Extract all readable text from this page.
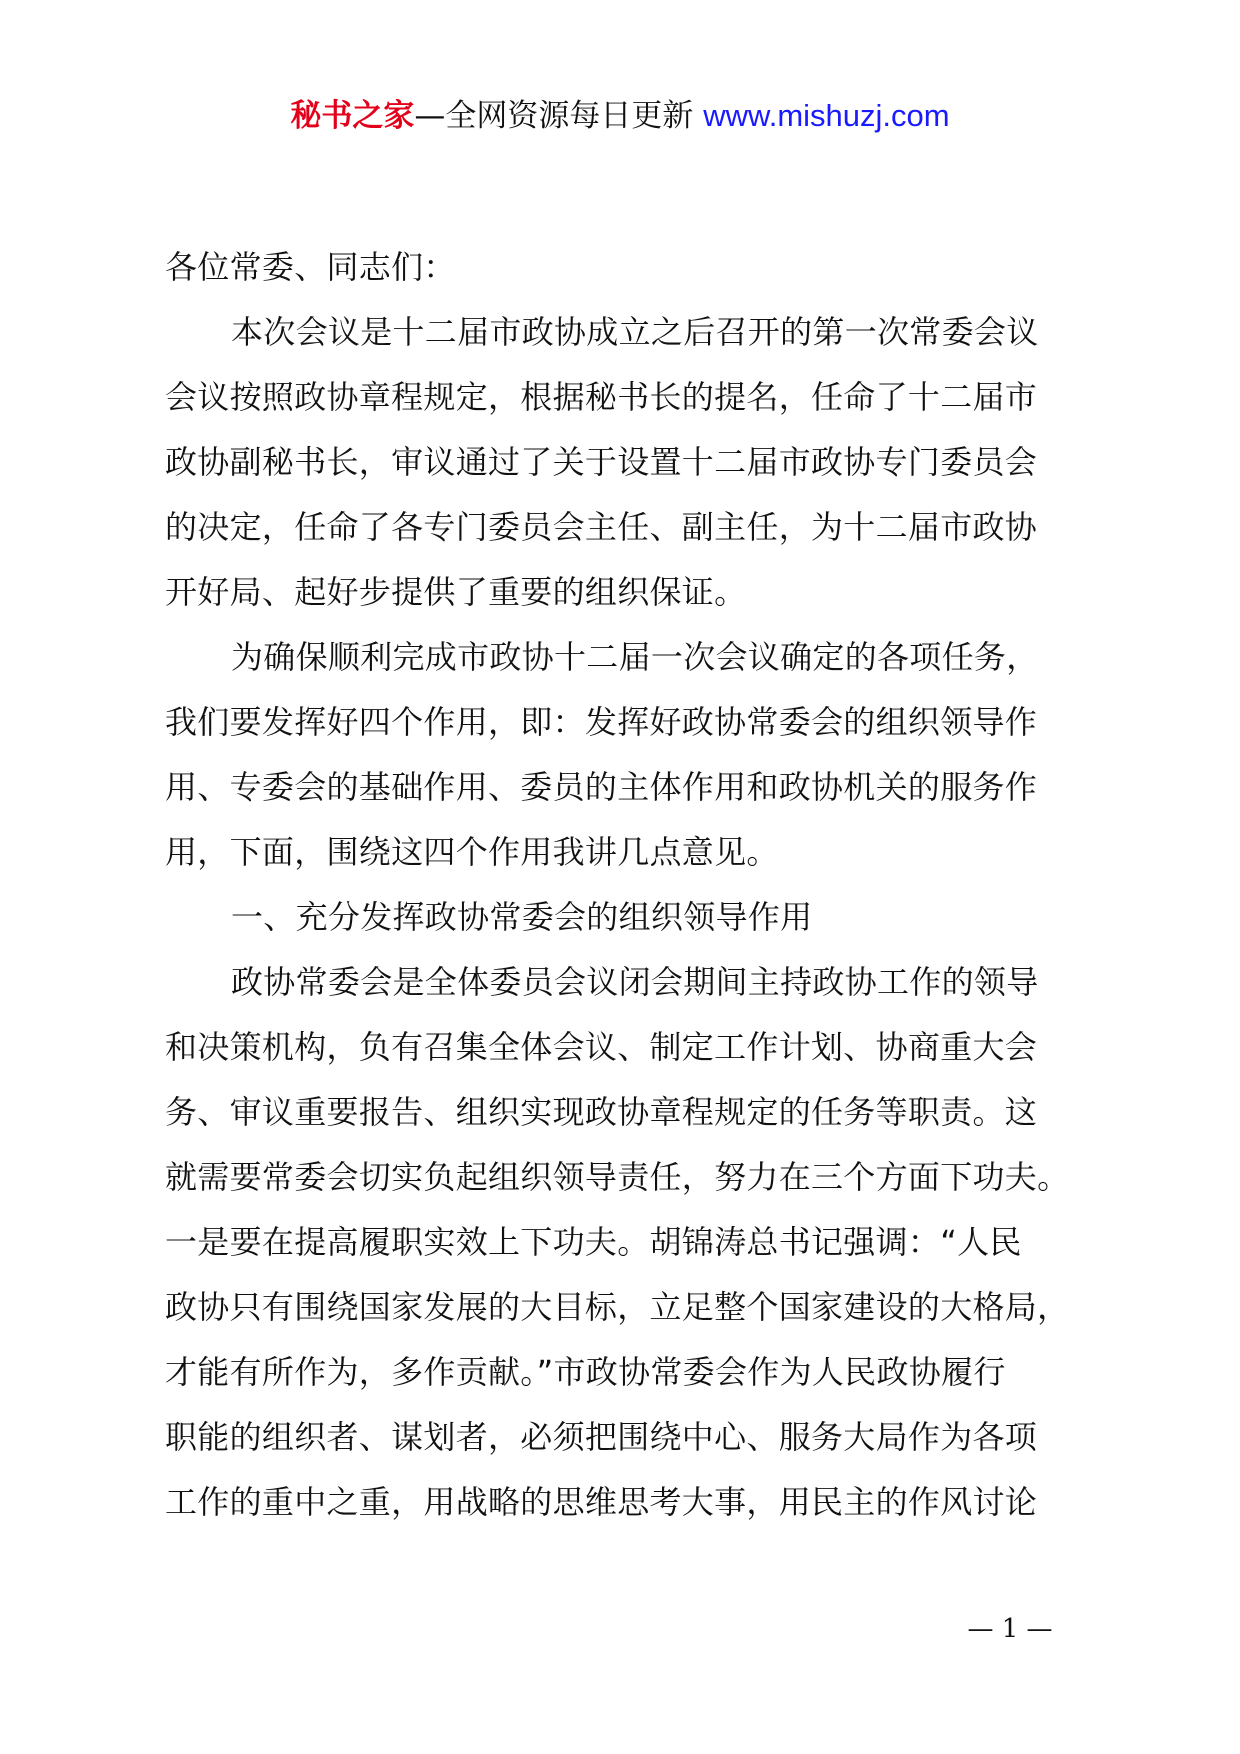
秘书之家—全网资源每日更新 www.mishuzj.com
各位常委、同志们：
本次会议是十二届市政协成立之后召开的第一次常委会议
会议按照政协章程规定，根据秘书长的提名，任命了十二届市
政协副秘书长，审议通过了关于设置十二届市政协专门委员会
的决定，任命了各专门委员会主任、副主任，为十二届市政协
开好局、起好步提供了重要的组织保证。
为确保顺利完成市政协十二届一次会议确定的各项任务，
我们要发挥好四个作用，即：发挥好政协常委会的组织领导作
用、专委会的基础作用、委员的主体作用和政协机关的服务作
用，下面，围绕这四个作用我讲几点意见。
一、充分发挥政协常委会的组织领导作用
政协常委会是全体委员会议闭会期间主持政协工作的领导
和决策机构，负有召集全体会议、制定工作计划、协商重大会
务、审议重要报告、组织实现政协章程规定的任务等职责。这
就需要常委会切实负起组织领导责任，努力在三个方面下功夫。
一是要在提高履职实效上下功夫。胡锦涛总书记强调：“人民
政协只有围绕国家发展的大目标，立足整个国家建设的大格局，
才能有所作为，多作贡献。”市政协常委会作为人民政协履行
职能的组织者、谋划者，必须把围绕中心、服务大局作为各项
工作的重中之重，用战略的思维思考大事，用民主的作风讨论
— 1 —
